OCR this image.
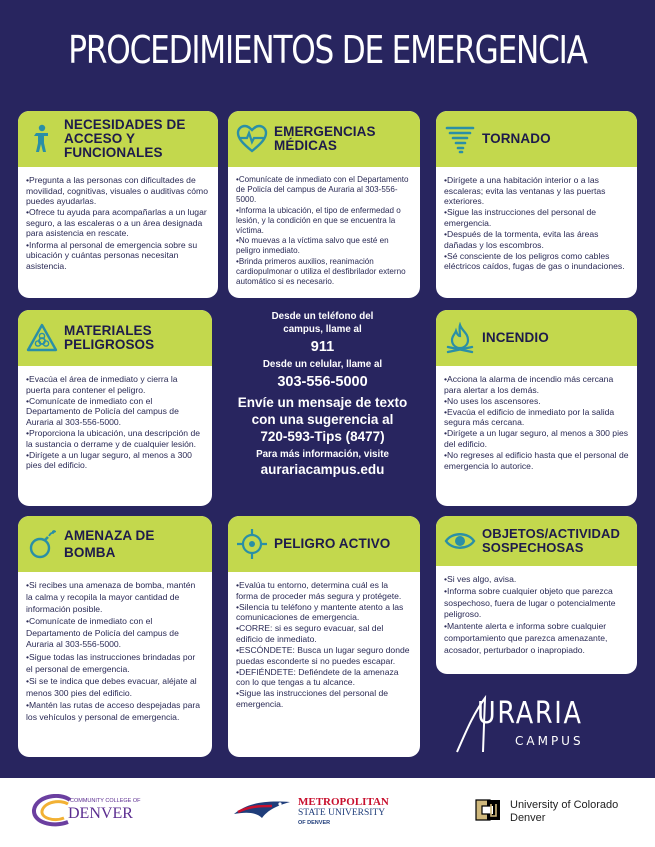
PROCEDIMIENTOS DE EMERGENCIA
NECESIDADES DE
ACCESO Y FUNCIONALES

•Pregunta a las personas con dificultades de movilidad, cognitivas, visuales o auditivas cómo puedes ayudarlas.

•Ofrece tu ayuda para acompañarlas a un lugar seguro, a las escaleras o a un área designada para asistencia en rescate.

•Informa al personal de emergencia sobre su ubicación y cuántas personas necesitan asistencia.

EMERGENCIAS
MÉDICAS

•Comunícate de inmediato con el Departamento de Policía del campus de Auraria al 303-556-5000.

•Informa la ubicación, el tipo de enfermedad o lesión, y la condición en que se encuentra la víctima.

•No muevas a la víctima salvo que esté en peligro inmediato.

•Brinda primeros auxilios, reanimación cardiopulmonar o utiliza el desfibrilador externo automático si es necesario.

TORNADO

•Dirígete a una habitación interior o a las escaleras; evita las ventanas y las puertas exteriores.

•Sigue las instrucciones del personal de emergencia.

•Después de la tormenta, evita las áreas dañadas y los escombros.

•Sé consciente de los peligros como cables eléctricos caídos, fugas de gas o inundaciones.

MATERIALES
PELIGROSOS

•Evacúa el área de inmediato y cierra la puerta para contener el peligro.

•Comunícate de inmediato con el Departamento de Policía del campus de Auraria al 303-556-5000.

•Proporciona la ubicación, una descripción de la sustancia o derrame y de cualquier lesión.

•Dirígete a un lugar seguro, al menos a 300 pies del edificio.

Desde un teléfono del
campus, llame al
911
Desde un celular, llame al
303-556-5000
Envíe un mensaje de texto
con una sugerencia al
720-593-Tips (8477)
Para más información, visite
aurariacampus.edu
INCENDIO

•Acciona la alarma de incendio más cercana para alertar a los demás.

•No uses los ascensores.

•Evacúa el edificio de inmediato por la salida segura más cercana.

•Dirígete a un lugar seguro, al menos a 300 pies del edificio.

•No regreses al edificio hasta que el personal de emergencia lo autorice.

AMENAZA DE
BOMBA

•Si recibes una amenaza de bomba, mantén la calma y recopila la mayor cantidad de información posible.

•Comunícate de inmediato con el Departamento de Policía del campus de Auraria al 303-556-5000.

•Sigue todas las instrucciones brindadas por el personal de emergencia.

•Si se te indica que debes evacuar, aléjate al menos 300 pies del edificio.

•Mantén las rutas de acceso despejadas para los vehículos y personal de emergencia.

PELIGRO ACTIVO

•Evalúa tu entorno, determina cuál es la forma de proceder más segura y protégete.

•Silencia tu teléfono y mantente atento a las comunicaciones de emergencia.

•CORRE: si es seguro evacuar, sal del edificio de inmediato.

•ESCÓNDETE: Busca un lugar seguro donde puedas esconderte si no puedes escapar.

•DEFIÉNDETE: Defiéndete de la amenaza con lo que tengas a tu alcance.

•Sigue las instrucciones del personal de emergencia.

OBJETOS/ACTIVIDAD
SOSPECHOSAS

•Si ves algo, avisa.

•Informa sobre cualquier objeto que parezca sospechoso, fuera de lugar o potencialmente peligroso.

•Mantente alerta e informa sobre cualquier comportamiento que parezca amenazante, acosador, perturbador o inapropiado.

URARIA
CAMPUS
COMMUNITY COLLEGE OF
DENVER
METROPOLITAN
STATE UNIVERSITY
OF DENVER
University of Colorado
Denver
